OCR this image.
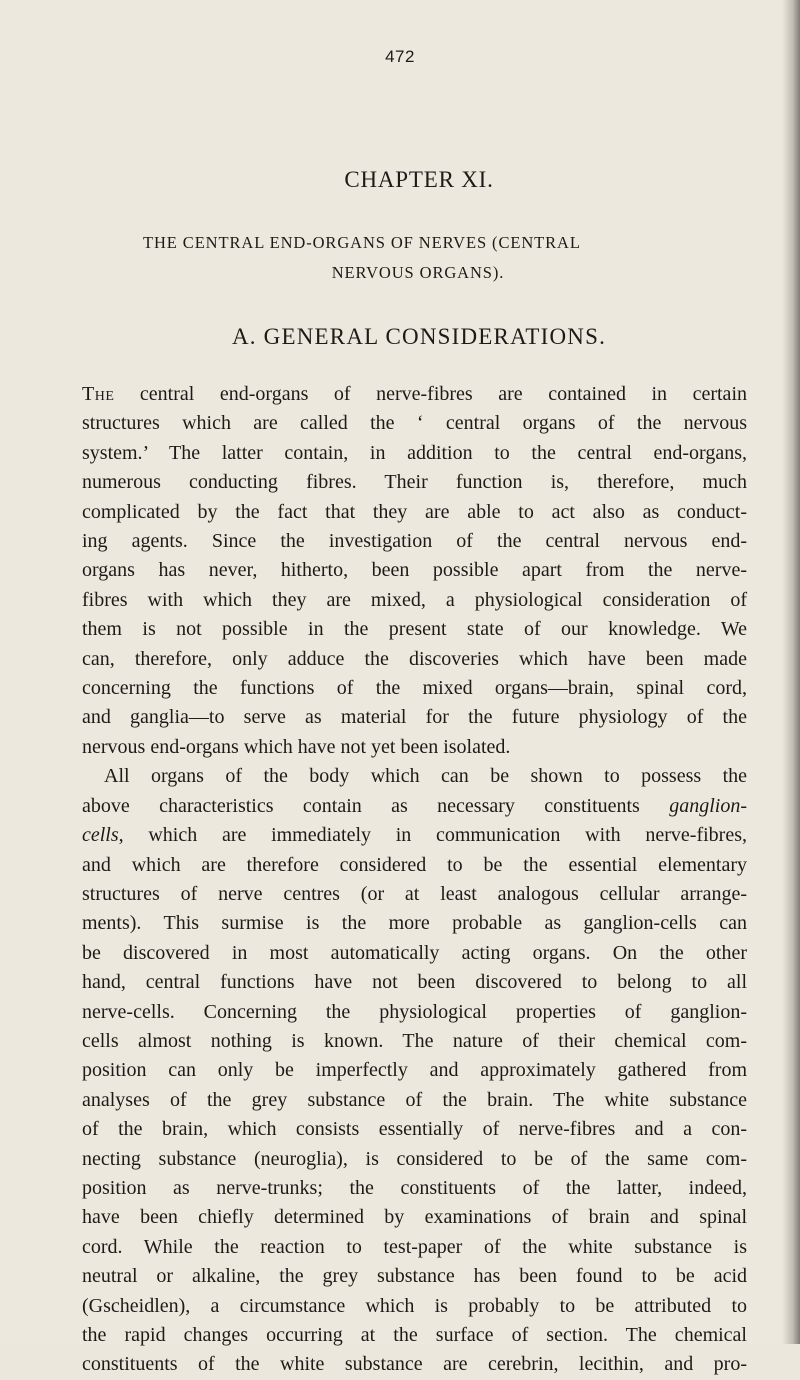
472
CHAPTER XI.
THE CENTRAL END-ORGANS OF NERVES (CENTRAL
NERVOUS ORGANS).
A. GENERAL CONSIDERATIONS.

The central end-organs of nerve-fibres are contained in certain
structures which are called the ‘ central organs of the nervous
system.’ The latter contain, in addition to the central end-organs,
numerous conducting fibres. Their function is, therefore, much
complicated by the fact that they are able to act also as conduct-
ing agents. Since the investigation of the central nervous end-
organs has never, hitherto, been possible apart from the nerve-
fibres with which they are mixed, a physiological consideration of
them is not possible in the present state of our knowledge. We
can, therefore, only adduce the discoveries which have been made
concerning the functions of the mixed organs—brain, spinal cord,
and ganglia—to serve as material for the future physiology of the
nervous end-organs which have not yet been isolated.

All organs of the body which can be shown to possess the
above characteristics contain as necessary constituents ganglion-
cells, which are immediately in communication with nerve-fibres,
and which are therefore considered to be the essential elementary
structures of nerve centres (or at least analogous cellular arrange-
ments). This surmise is the more probable as ganglion-cells can
be discovered in most automatically acting organs. On the other
hand, central functions have not been discovered to belong to all
nerve-cells. Concerning the physiological properties of ganglion-
cells almost nothing is known. The nature of their chemical com-
position can only be imperfectly and approximately gathered from
analyses of the grey substance of the brain. The white substance
of the brain, which consists essentially of nerve-fibres and a con-
necting substance (neuroglia), is considered to be of the same com-
position as nerve-trunks; the constituents of the latter, indeed,
have been chiefly determined by examinations of brain and spinal
cord. While the reaction to test-paper of the white substance is
neutral or alkaline, the grey substance has been found to be acid
(Gscheidlen), a circumstance which is probably to be attributed to
the rapid changes occurring at the surface of section. The chemical
constituents of the white substance are cerebrin, lecithin, and pro-
